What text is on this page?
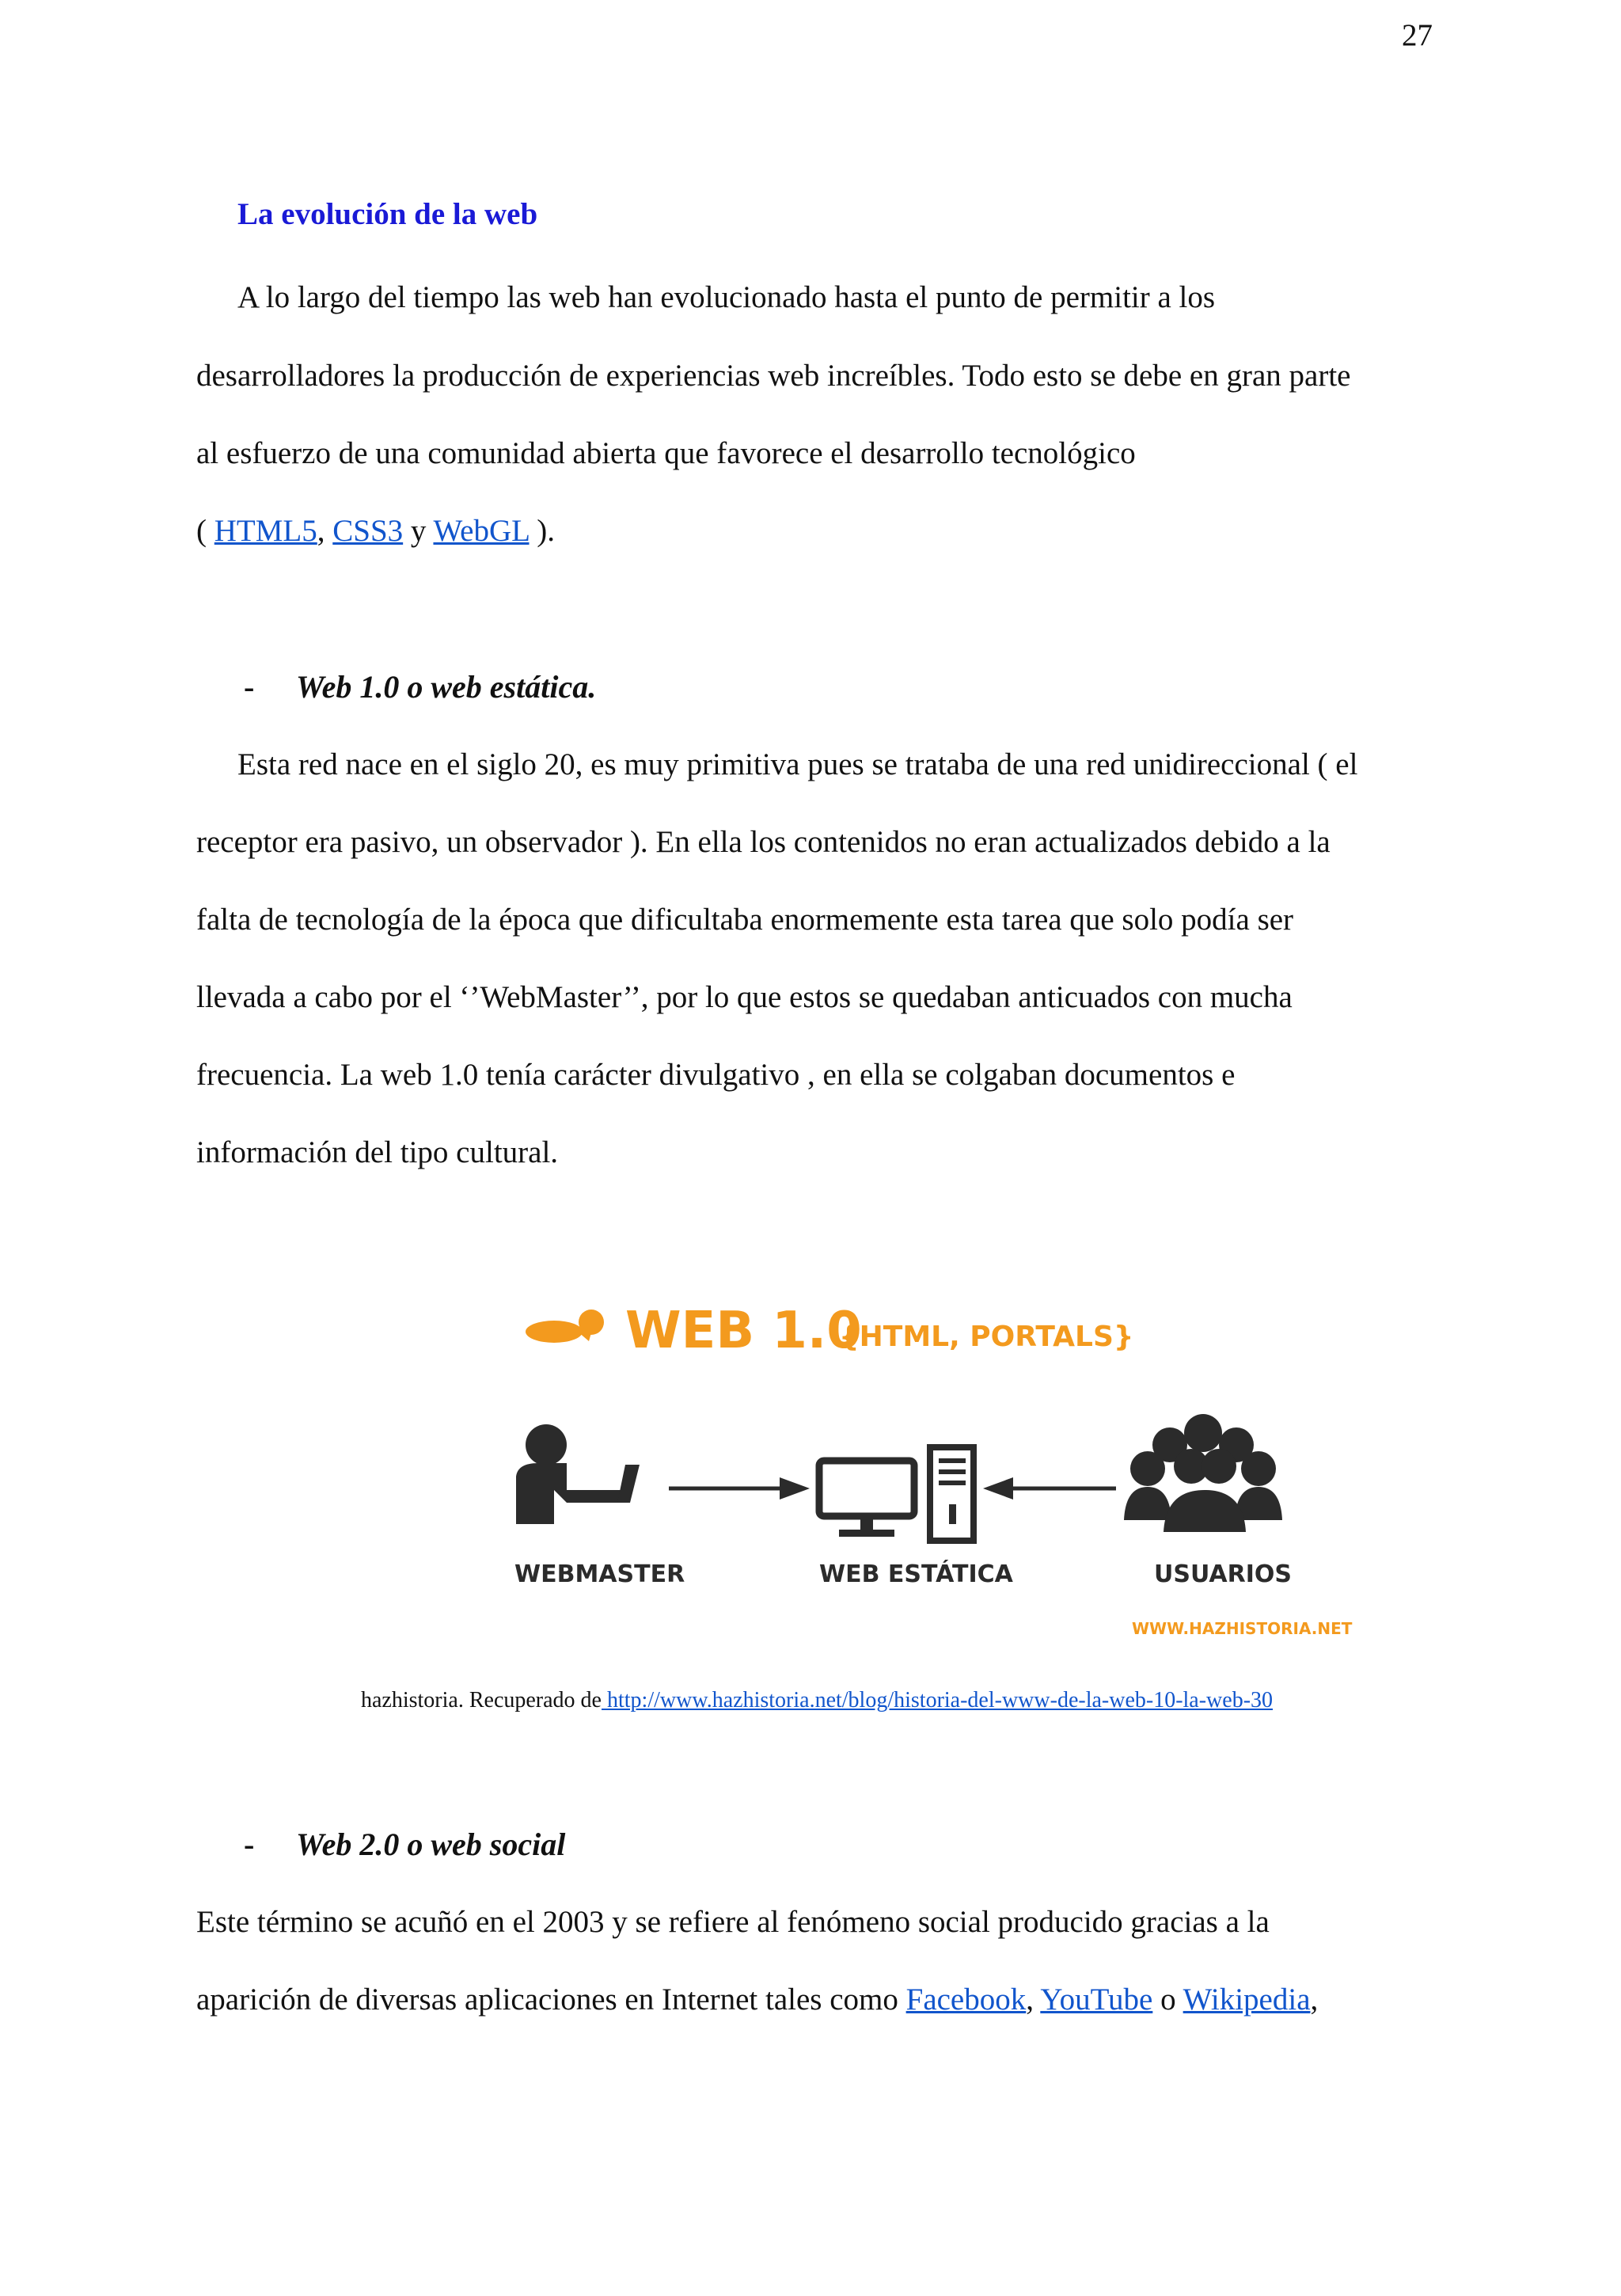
27
La evolución de la web
A lo largo del tiempo las web han evolucionado hasta el punto de permitir a los
desarrolladores la producción de experiencias web increíbles. Todo esto se debe en gran parte
al esfuerzo de una comunidad abierta que favorece el desarrollo tecnológico
( HTML5, CSS3 y WebGL ).
- Web 1.0 o web estática.
Esta red nace en el siglo 20, es muy primitiva pues se trataba de una red unidireccional ( el
receptor era pasivo, un observador ). En ella los contenidos no eran actualizados debido a la
falta de tecnología de la época que dificultaba enormemente esta tarea que solo podía ser
llevada a cabo por el ‘’WebMaster’’, por lo que estos se quedaban anticuados con mucha
frecuencia. La web 1.0 tenía carácter divulgativo , en ella se colgaban documentos e
información del tipo cultural.
WEB 1.0
{HTML, PORTALS}
WEBMASTER	WEB ESTÁTICA	USUARIOS
WWW.HAZHISTORIA.NET
hazhistoria. Recuperado de http://www.hazhistoria.net/blog/historia-del-www-de-la-web-10-la-web-30
- Web 2.0 o web social
Este término se acuñó en el 2003 y se refiere al fenómeno social producido gracias a la
aparición de diversas aplicaciones en Internet tales como Facebook, YouTube o Wikipedia,
